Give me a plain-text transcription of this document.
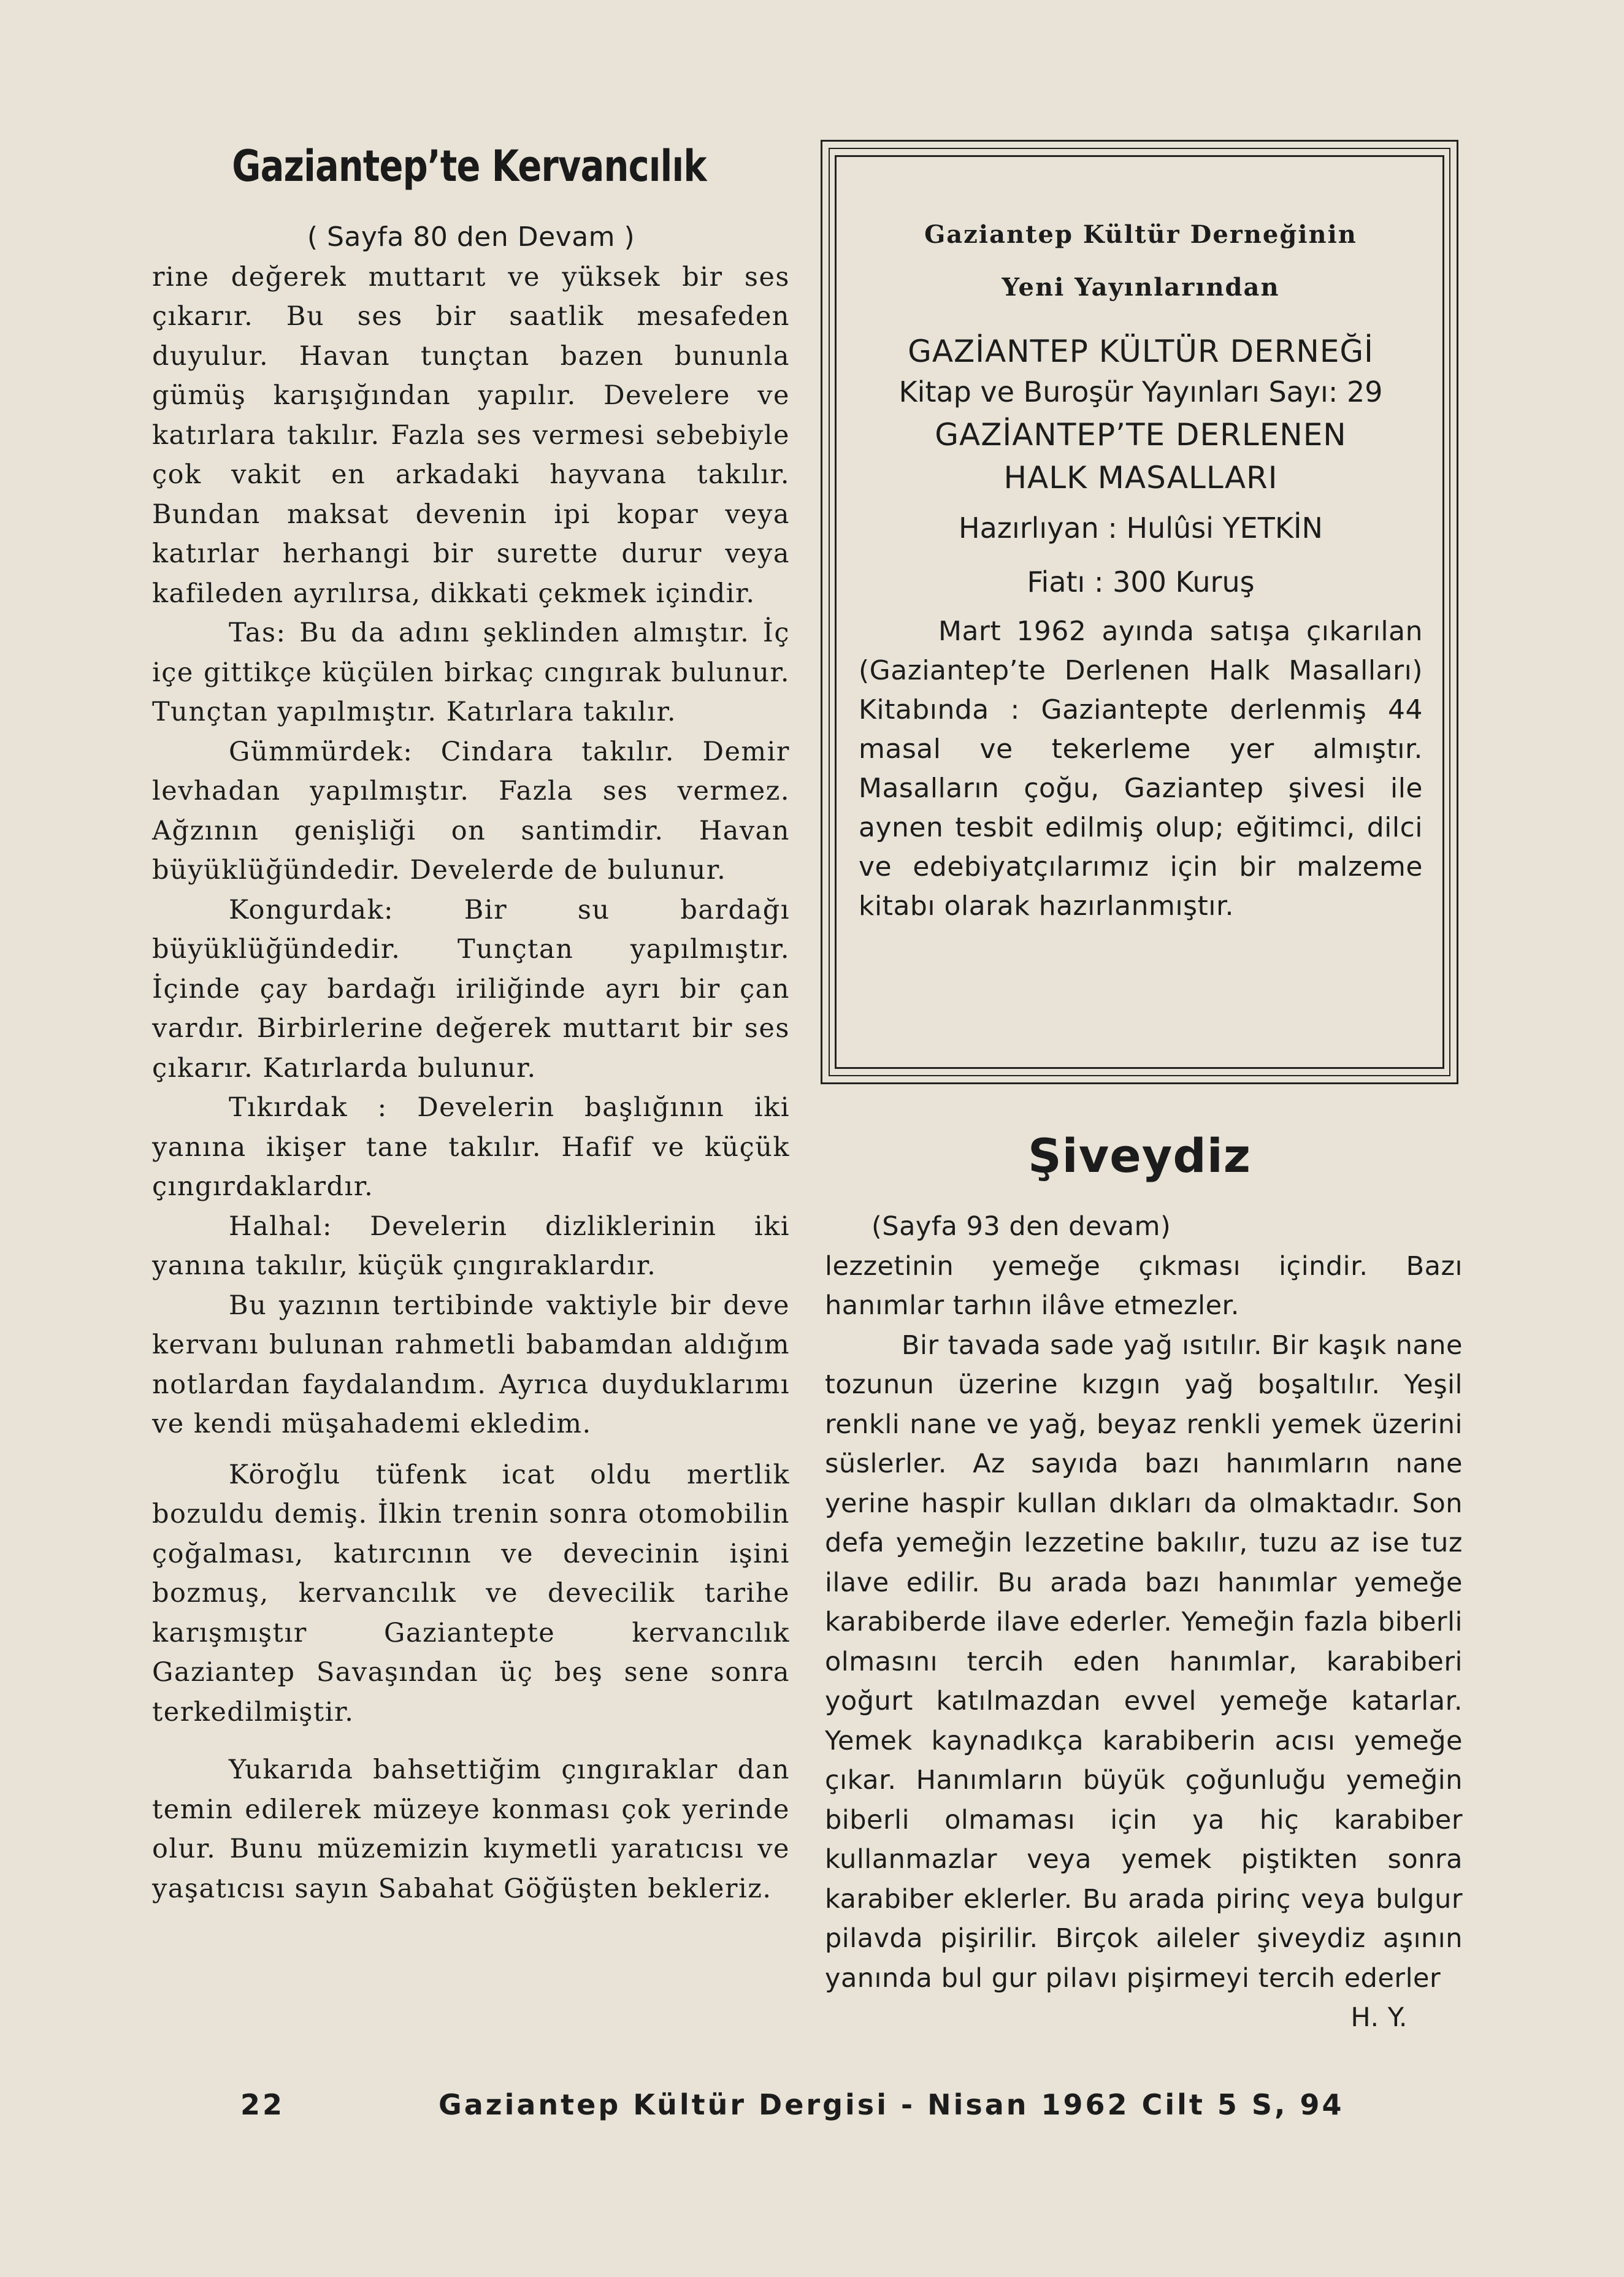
Gaziantep’te Kervancılık

( Sayfa 80 den Devam )

rine değerek muttarıt ve yüksek bir ses çıkarır. Bu ses bir saatlik mesafeden duyulur. Havan tunçtan bazen bununla gümüş karışığından yapılır. Develere ve katırlara takılır. Fazla ses vermesi sebebiyle çok vakit en arkadaki hayvana takılır. Bundan maksat devenin ipi kopar veya katırlar herhangi bir surette durur veya kafileden ayrılırsa, dikkati çekmek içindir.

Tas: Bu da adını şeklinden almıştır. İç içe gittikçe küçülen birkaç cıngırak bulunur. Tunçtan yapılmıştır. Katırlara takılır.

Gümmürdek: Cindara takılır. Demir levhadan yapılmıştır. Fazla ses vermez. Ağzının genişliği on santimdir. Havan büyüklüğündedir. Develerde de bulunur.

Kongurdak: Bir su bardağı büyüklüğündedir. Tunçtan yapılmıştır. İçinde çay bardağı iriliğinde ayrı bir çan vardır. Birbirlerine değerek muttarıt bir ses çıkarır. Katırlarda bulunur.

Tıkırdak : Develerin başlığının iki yanına ikişer tane takılır. Hafif ve küçük çıngırdaklardır.

Halhal: Develerin dizliklerinin iki yanına takılır, küçük çıngıraklardır.

Bu yazının tertibinde vaktiyle bir deve kervanı bulunan rahmetli babamdan aldığım notlardan faydalandım. Ayrıca duyduklarımı ve kendi müşahademi ekledim.

Köroğlu tüfenk icat oldu mertlik bozuldu demiş. İlkin trenin sonra otomobilin çoğalması, katırcının ve devecinin işini bozmuş, kervancılık ve devecilik tarihe karışmıştır Gaziantepte kervancılık Gaziantep Savaşından üç beş sene sonra terkedilmiştir.

Yukarıda bahsettiğim çıngıraklar dan temin edilerek müzeye konması çok yerinde olur. Bunu müzemizin kıymetli yaratıcısı ve yaşatıcısı sayın Sabahat Göğüşten bekleriz.

Gaziantep Kültür Derneğinin
Yeni Yayınlarından
GAZİANTEP KÜLTÜR DERNEĞİ
Kitap ve Buroşür Yayınları Sayı: 29
GAZİANTEP’TE DERLENEN
HALK MASALLARI
Hazırlıyan : Hulûsi YETKİN
Fiatı : 300 Kuruş
Mart 1962 ayında satışa çıkarılan (Gaziantep’te Derlenen Halk Masalları) Kitabında : Gaziantepte derlenmiş 44 masal ve tekerleme yer almıştır. Masalların çoğu, Gaziantep şivesi ile aynen tesbit edilmiş olup; eğitimci, dilci ve edebiyatçılarımız için bir malzeme kitabı olarak hazırlanmıştır.
Şiveydiz

(Sayfa 93 den devam)

lezzetinin yemeğe çıkması içindir. Bazı hanımlar tarhın ilâve etmezler.

Bir tavada sade yağ ısıtılır. Bir kaşık nane tozunun üzerine kızgın yağ boşaltılır. Yeşil renkli nane ve yağ, beyaz renkli yemek üzerini süslerler. Az sayıda bazı hanımların nane yerine haspir kullan dıkları da olmaktadır. Son defa yemeğin lezzetine bakılır, tuzu az ise tuz ilave edilir. Bu arada bazı hanımlar yemeğe karabiberde ilave ederler. Yemeğin fazla biberli olmasını tercih eden hanımlar, karabiberi yoğurt katılmazdan evvel yemeğe katarlar. Yemek kaynadıkça karabiberin acısı yemeğe çıkar. Hanımların büyük çoğunluğu yemeğin biberli olmaması için ya hiç karabiber kullanmazlar veya yemek piştikten sonra karabiber eklerler. Bu arada pirinç veya bulgur pilavda pişirilir. Birçok aileler şiveydiz aşının yanında bul gur pilavı pişirmeyi tercih ederler

H. Y.

22	Gaziantep Kültür Dergisi - Nisan 1962 Cilt 5 S, 94
